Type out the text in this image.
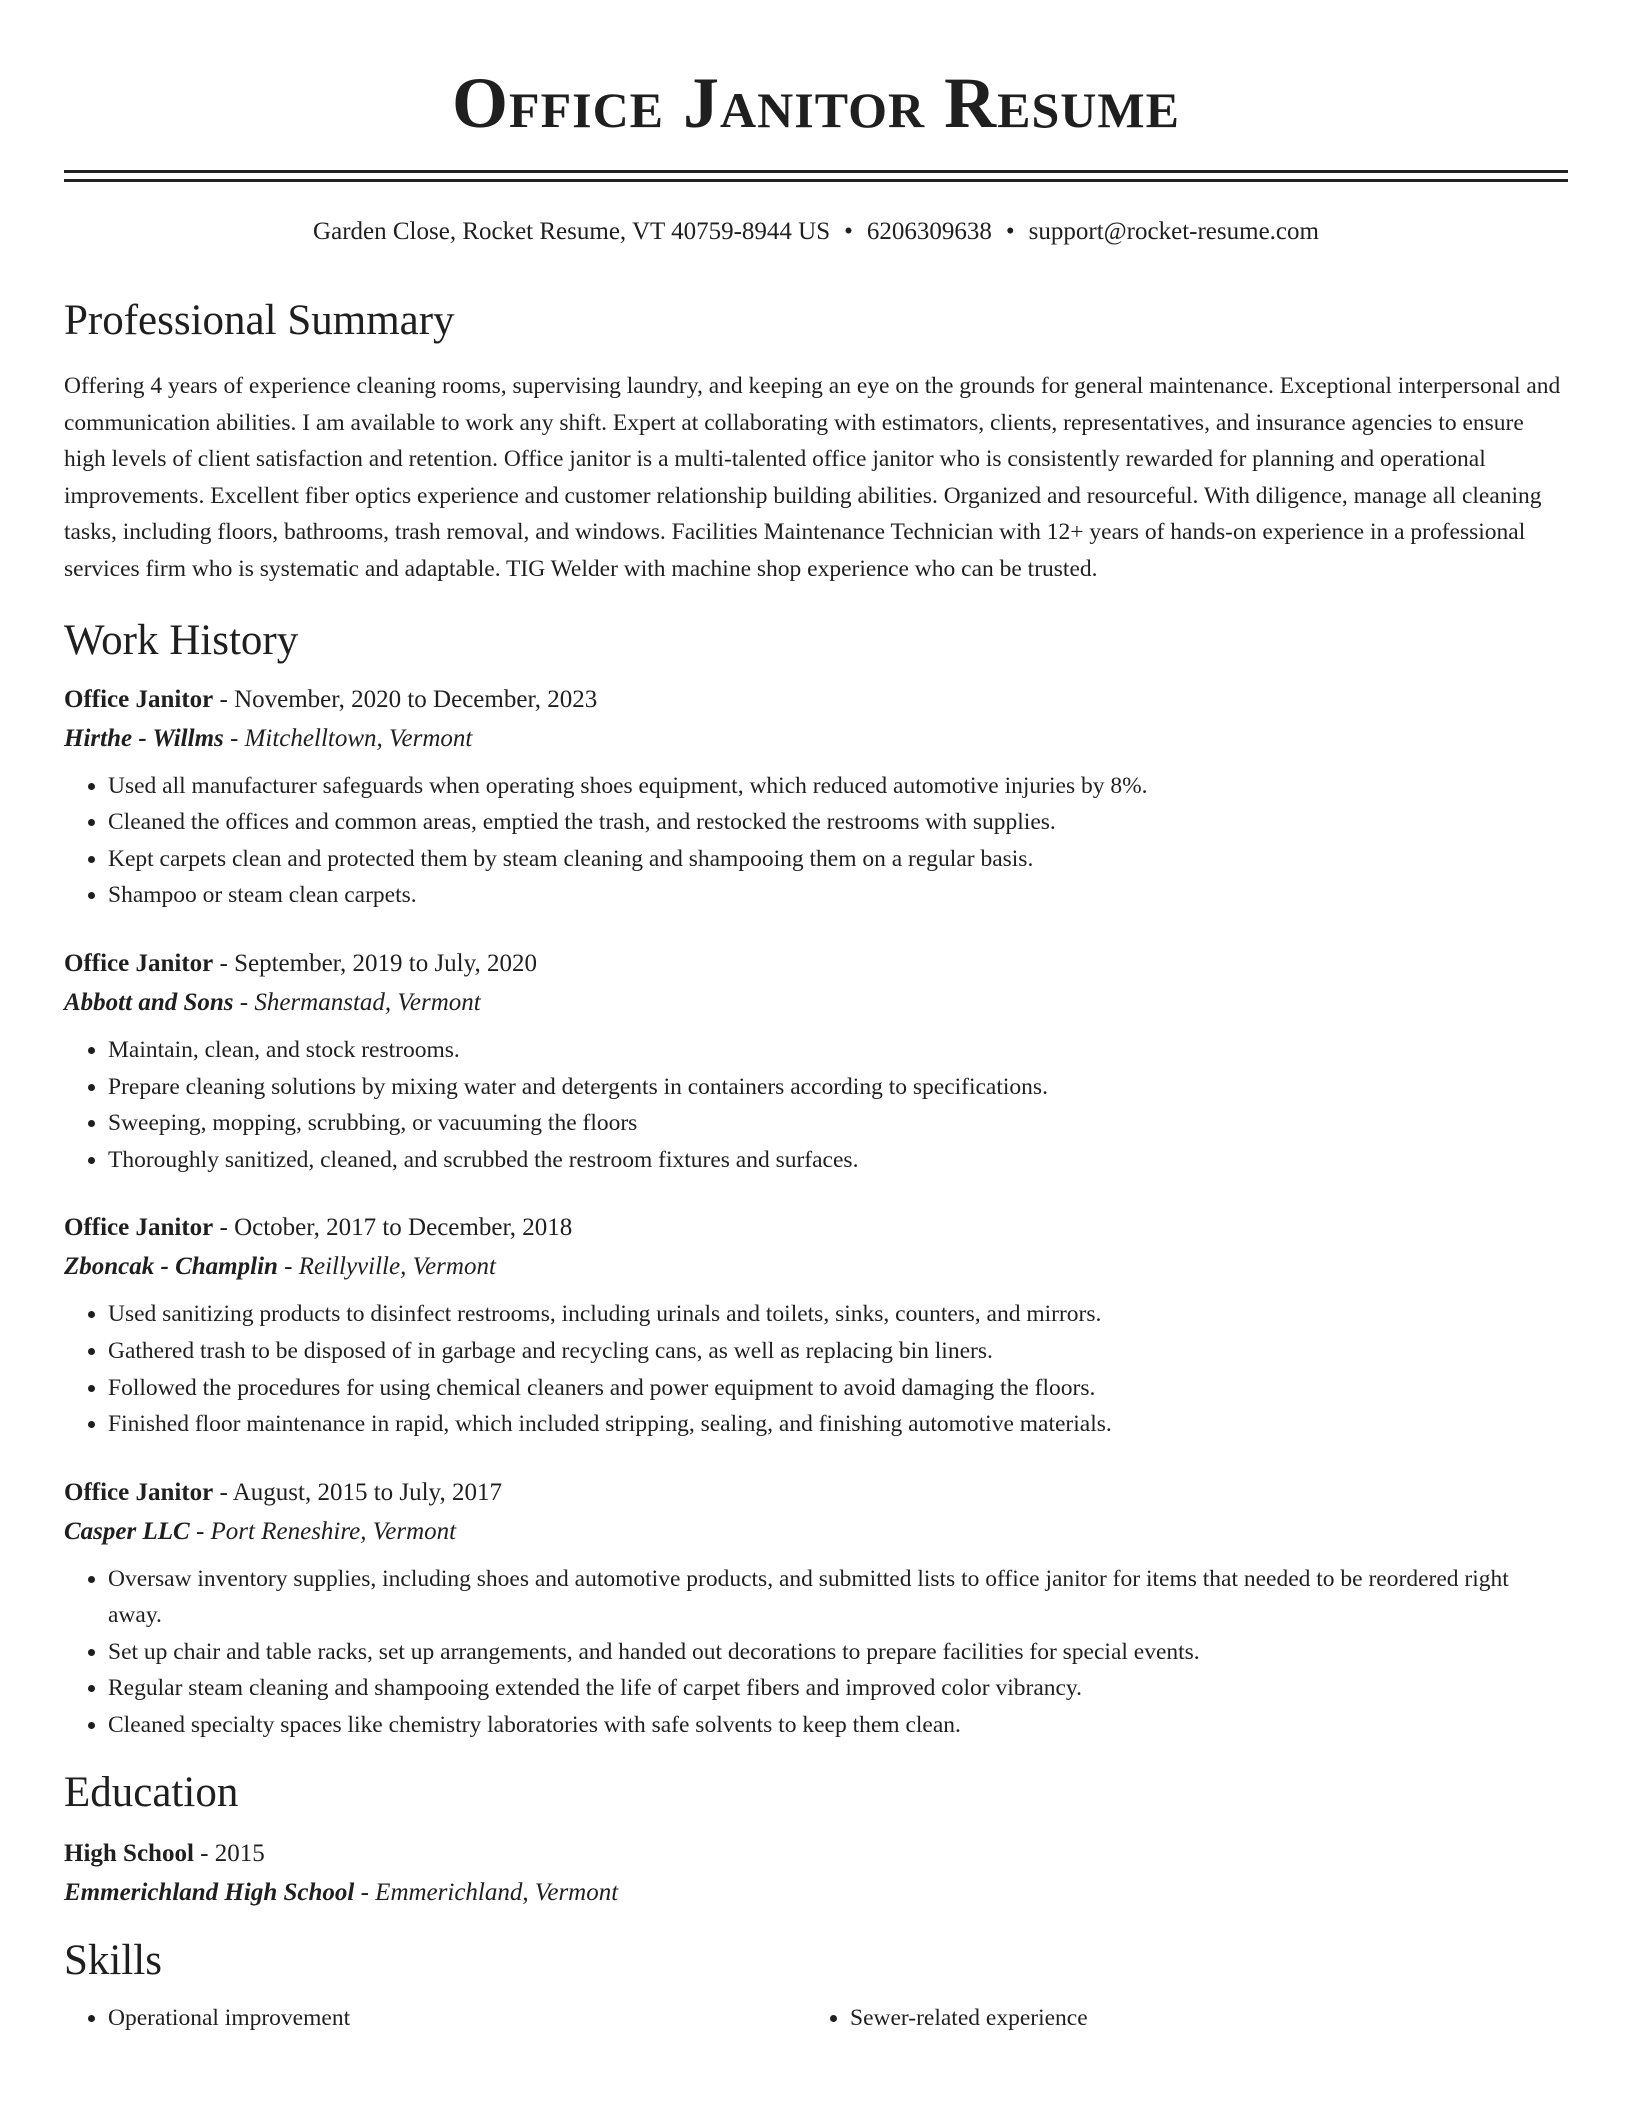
Office Janitor Resume
Garden Close, Rocket Resume, VT 40759-8944 US • 6206309638 • support@rocket-resume.com
Professional Summary

Offering 4 years of experience cleaning rooms, supervising laundry, and keeping an eye on the grounds for general maintenance. Exceptional interpersonal and communication abilities. I am available to work any shift. Expert at collaborating with estimators, clients, representatives, and insurance agencies to ensure high levels of client satisfaction and retention. Office janitor is a multi-talented office janitor who is consistently rewarded for planning and operational improvements. Excellent fiber optics experience and customer relationship building abilities. Organized and resourceful. With diligence, manage all cleaning tasks, including floors, bathrooms, trash removal, and windows. Facilities Maintenance Technician with 12+ years of hands-on experience in a professional services firm who is systematic and adaptable. TIG Welder with machine shop experience who can be trusted.

Work History
Office Janitor - November, 2020 to December, 2023
Hirthe - Willms - Mitchelltown, Vermont
• Used all manufacturer safeguards when operating shoes equipment, which reduced automotive injuries by 8%.
• Cleaned the offices and common areas, emptied the trash, and restocked the restrooms with supplies.
• Kept carpets clean and protected them by steam cleaning and shampooing them on a regular basis.
• Shampoo or steam clean carpets.
Office Janitor - September, 2019 to July, 2020
Abbott and Sons - Shermanstad, Vermont
• Maintain, clean, and stock restrooms.
• Prepare cleaning solutions by mixing water and detergents in containers according to specifications.
• Sweeping, mopping, scrubbing, or vacuuming the floors
• Thoroughly sanitized, cleaned, and scrubbed the restroom fixtures and surfaces.
Office Janitor - October, 2017 to December, 2018
Zboncak - Champlin - Reillyville, Vermont
• Used sanitizing products to disinfect restrooms, including urinals and toilets, sinks, counters, and mirrors.
• Gathered trash to be disposed of in garbage and recycling cans, as well as replacing bin liners.
• Followed the procedures for using chemical cleaners and power equipment to avoid damaging the floors.
• Finished floor maintenance in rapid, which included stripping, sealing, and finishing automotive materials.
Office Janitor - August, 2015 to July, 2017
Casper LLC - Port Reneshire, Vermont
• Oversaw inventory supplies, including shoes and automotive products, and submitted lists to office janitor for items that needed to be reordered right away.
• Set up chair and table racks, set up arrangements, and handed out decorations to prepare facilities for special events.
• Regular steam cleaning and shampooing extended the life of carpet fibers and improved color vibrancy.
• Cleaned specialty spaces like chemistry laboratories with safe solvents to keep them clean.
Education
High School - 2015
Emmerichland High School - Emmerichland, Vermont
Skills
• Operational improvement
•	Sewer-related experience
